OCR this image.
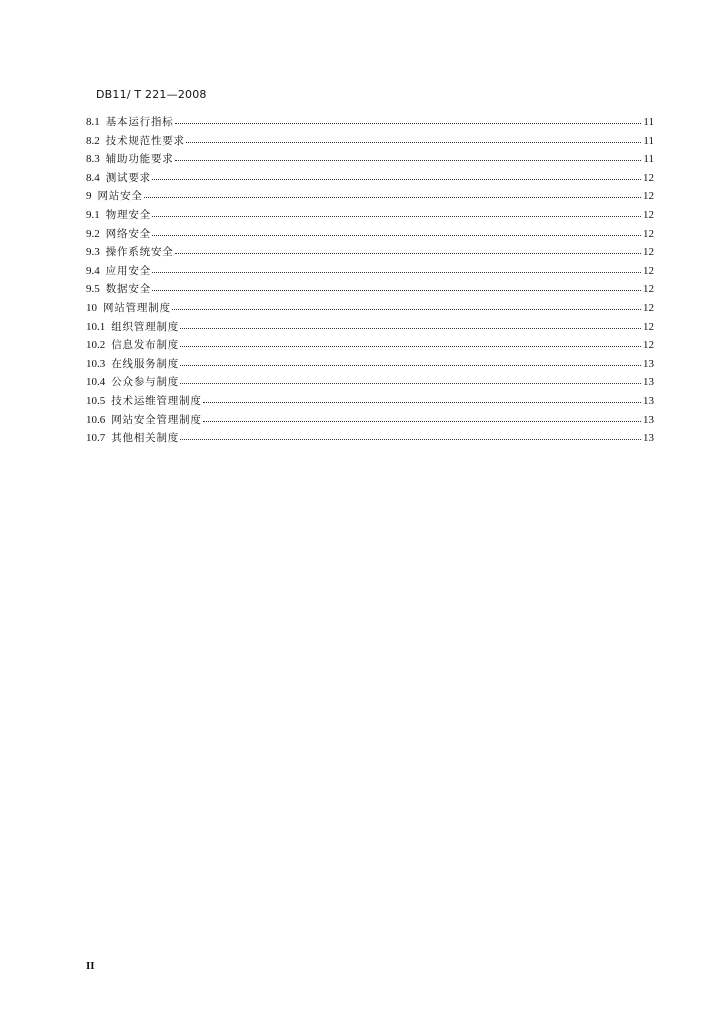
DB11/ T 221—2008
8.1 基本运行指标	11
8.2 技术规范性要求	11
8.3 辅助功能要求	11
8.4 测试要求	12
9 网站安全	12
9.1 物理安全	12
9.2 网络安全	12
9.3 操作系统安全	12
9.4 应用安全	12
9.5 数据安全	12
10 网站管理制度	12
10.1 组织管理制度	12
10.2 信息发布制度	12
10.3 在线服务制度	13
10.4 公众参与制度	13
10.5 技术运维管理制度	13
10.6 网站安全管理制度	13
10.7 其他相关制度	13
II
